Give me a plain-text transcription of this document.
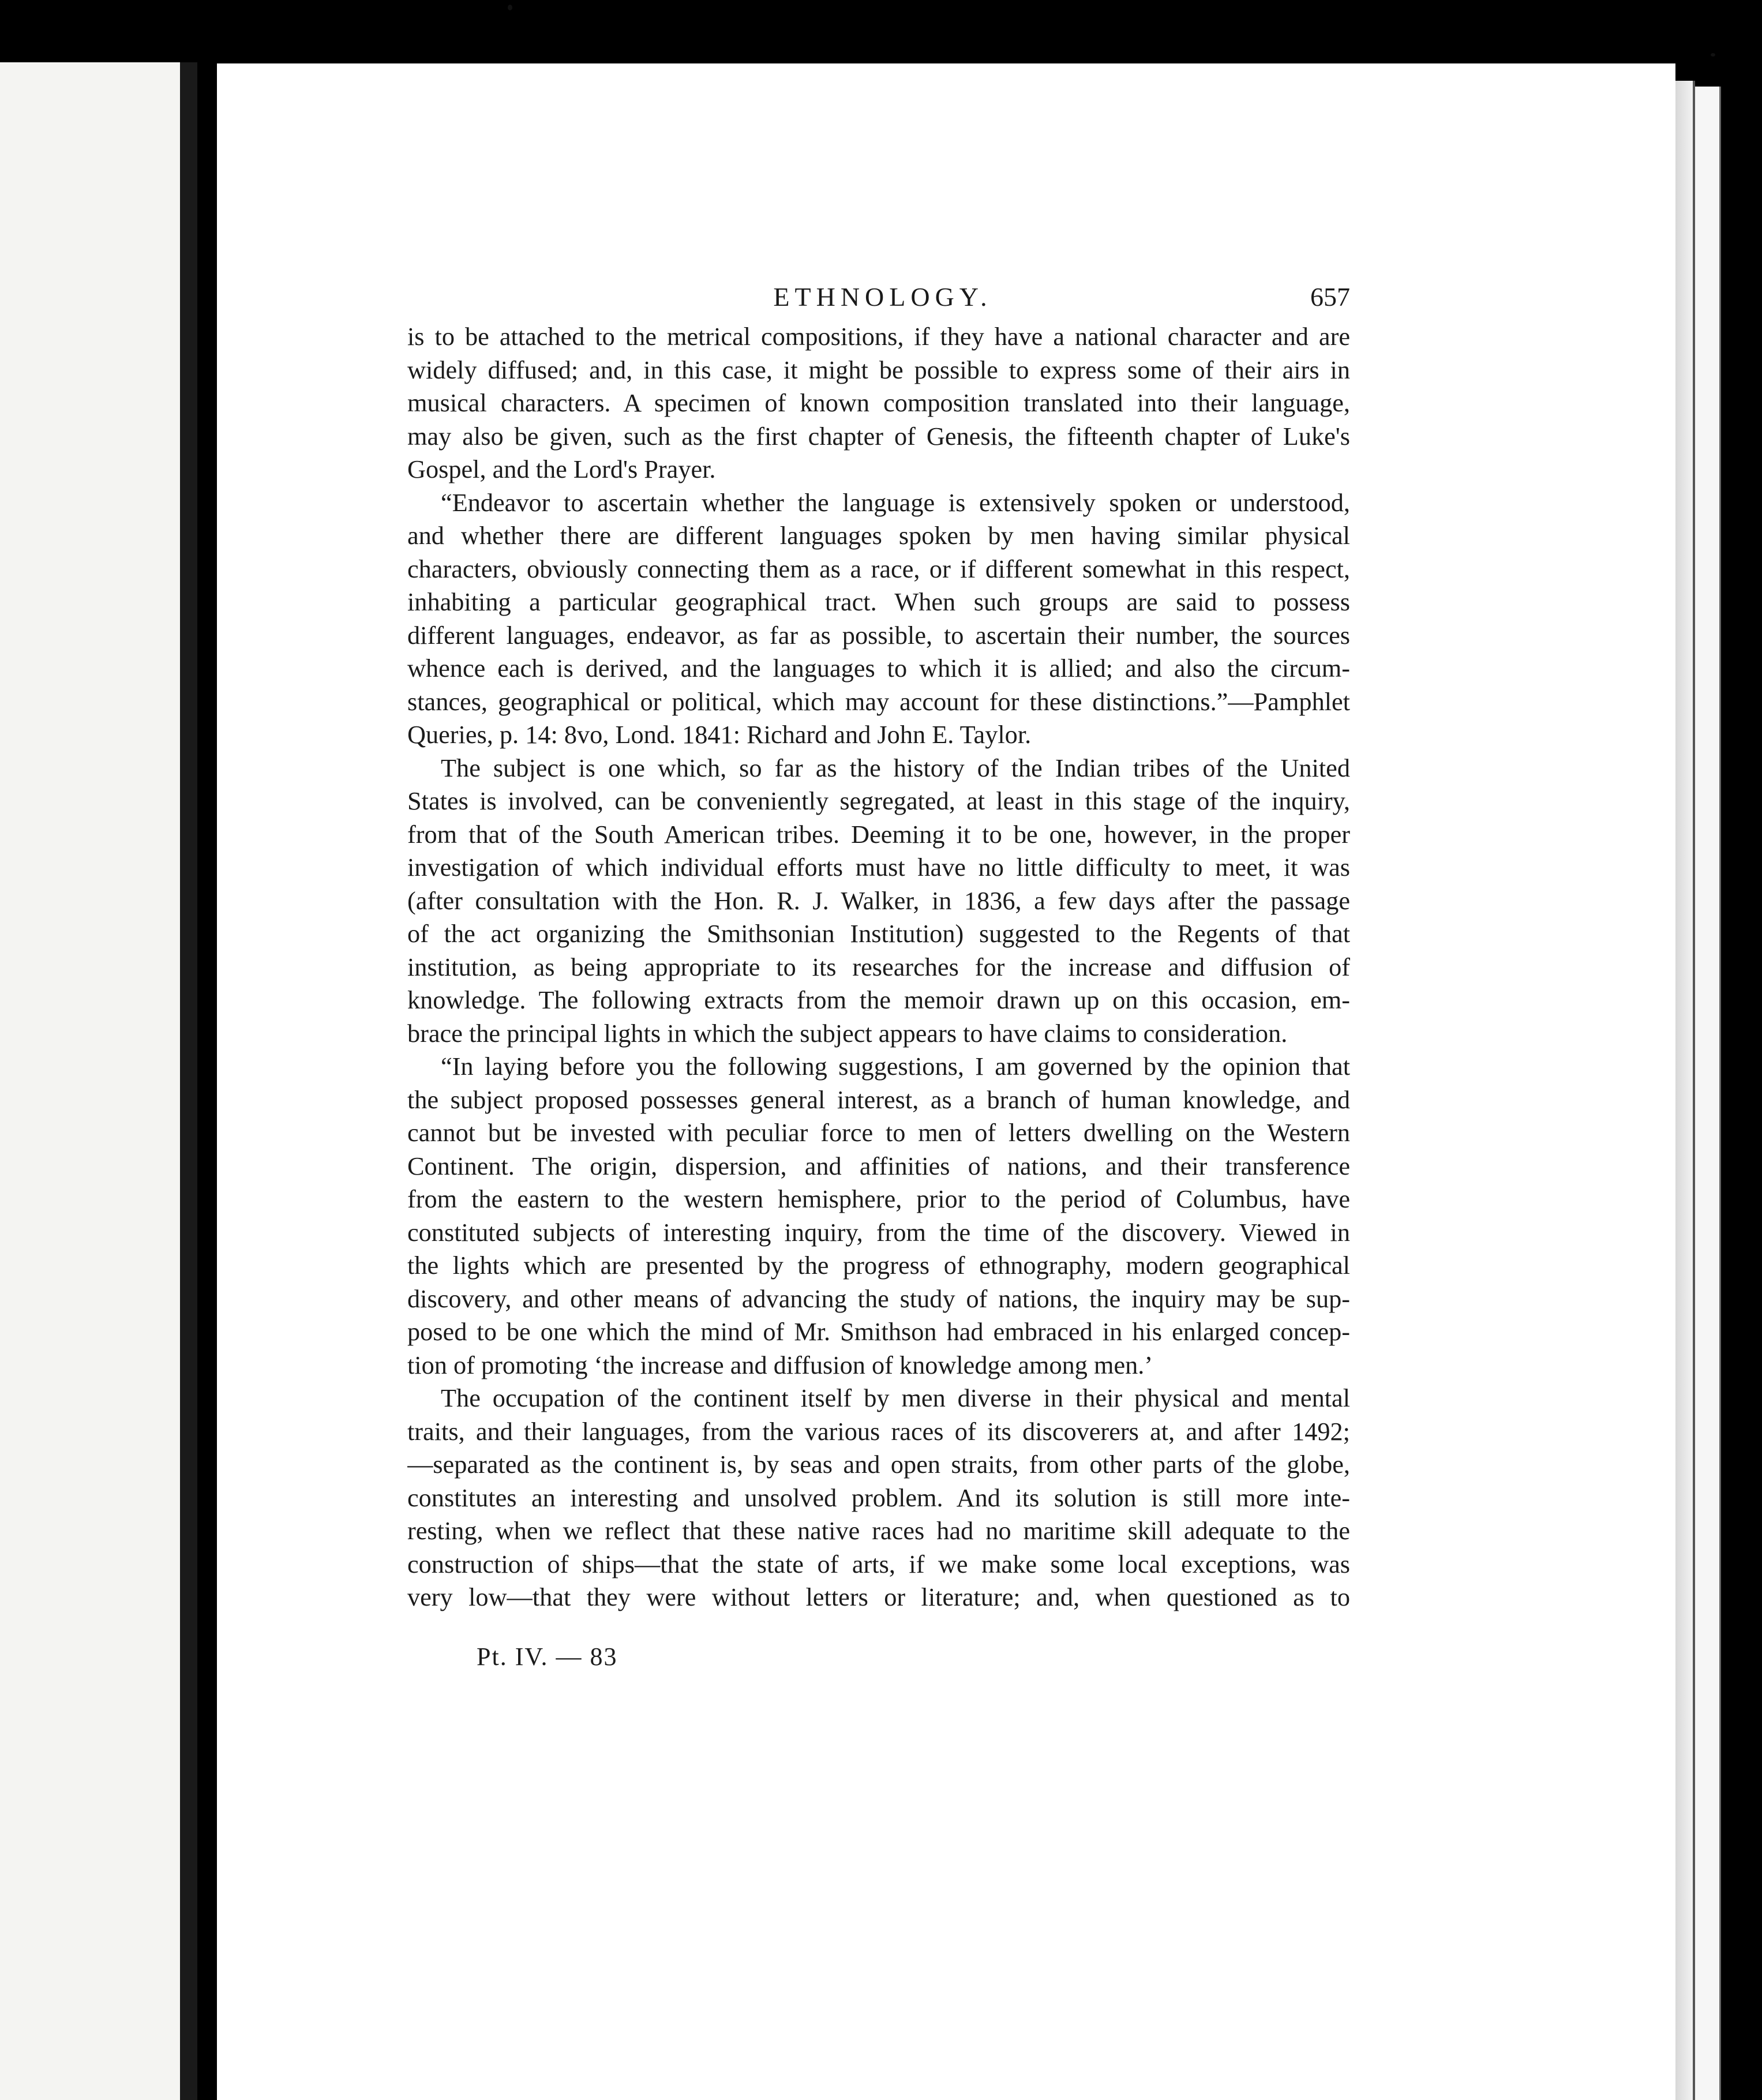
ETHNOLOGY.	657
is to be attached to the metrical compositions, if they have a national character and are
widely diffused; and, in this case, it might be possible to express some of their airs in
musical characters. A specimen of known composition translated into their language,
may also be given, such as the first chapter of Genesis, the fifteenth chapter of Luke's
Gospel, and the Lord's Prayer.
“Endeavor to ascertain whether the language is extensively spoken or understood,
and whether there are different languages spoken by men having similar physical
characters, obviously connecting them as a race, or if different somewhat in this respect,
inhabiting a particular geographical tract. When such groups are said to possess
different languages, endeavor, as far as possible, to ascertain their number, the sources
whence each is derived, and the languages to which it is allied; and also the circum-
stances, geographical or political, which may account for these distinctions.”—Pamphlet
Queries, p. 14: 8vo, Lond. 1841: Richard and John E. Taylor.
The subject is one which, so far as the history of the Indian tribes of the United
States is involved, can be conveniently segregated, at least in this stage of the inquiry,
from that of the South American tribes. Deeming it to be one, however, in the proper
investigation of which individual efforts must have no little difficulty to meet, it was
(after consultation with the Hon. R. J. Walker, in 1836, a few days after the passage
of the act organizing the Smithsonian Institution) suggested to the Regents of that
institution, as being appropriate to its researches for the increase and diffusion of
knowledge. The following extracts from the memoir drawn up on this occasion, em-
brace the principal lights in which the subject appears to have claims to consideration.
“In laying before you the following suggestions, I am governed by the opinion that
the subject proposed possesses general interest, as a branch of human knowledge, and
cannot but be invested with peculiar force to men of letters dwelling on the Western
Continent. The origin, dispersion, and affinities of nations, and their transference
from the eastern to the western hemisphere, prior to the period of Columbus, have
constituted subjects of interesting inquiry, from the time of the discovery. Viewed in
the lights which are presented by the progress of ethnography, modern geographical
discovery, and other means of advancing the study of nations, the inquiry may be sup-
posed to be one which the mind of Mr. Smithson had embraced in his enlarged concep-
tion of promoting ‘the increase and diffusion of knowledge among men.’
The occupation of the continent itself by men diverse in their physical and mental
traits, and their languages, from the various races of its discoverers at, and after 1492;
—separated as the continent is, by seas and open straits, from other parts of the globe,
constitutes an interesting and unsolved problem. And its solution is still more inte-
resting, when we reflect that these native races had no maritime skill adequate to the
construction of ships—that the state of arts, if we make some local exceptions, was
very low—that they were without letters or literature; and, when questioned as to
Pt. IV. — 83
